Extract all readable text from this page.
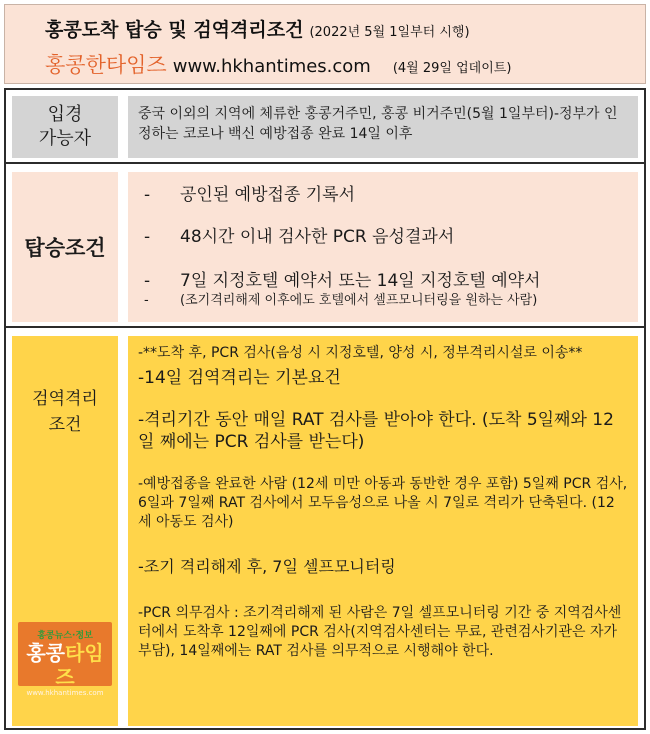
홍콩도착 탑승 및 검역격리조건 (2022년 5월 1일부터 시행)
홍콩한타임즈 www.hkhantimes.com (4월 29일 업데이트)
입경
가능자
중국 이외의 지역에 체류한 홍콩거주민, 홍콩 비거주민(5월 1일부터)-정부가 인정하는 코로나 백신 예방접종 완료 14일 이후
탑승조건
- 공인된 예방접종 기록서
- 48시간 이내 검사한 PCR 음성결과서
- 7일 지정호텔 예약서 또는 14일 지정호텔 예약서
- (조기격리해제 이후에도 호텔에서 셀프모니터링을 원하는 사람)
검역격리
조건
홍콩뉴스·정보
홍콩타임즈
www.hkhantimes.com
-**도착 후, PCR 검사(음성 시 지정호텔, 양성 시, 정부격리시설로 이송**
-14일 검역격리는 기본요건
-격리기간 동안 매일 RAT 검사를 받아야 한다. (도착 5일째와 12일 째에는 PCR 검사를 받는다)
-예방접종을 완료한 사람 (12세 미만 아동과 동반한 경우 포함) 5일째 PCR 검사, 6일과 7일째 RAT 검사에서 모두음성으로 나올 시 7일로 격리가 단축된다. (12세 아동도 검사)
-조기 격리해제 후, 7일 셀프모니터링
-PCR 의무검사 : 조기격리해제 된 사람은 7일 셀프모니터링 기간 중 지역검사센터에서 도착후 12일째에 PCR 검사(지역검사센터는 무료, 관련검사기관은 자가부담), 14일째에는 RAT 검사를 의무적으로 시행해야 한다.
